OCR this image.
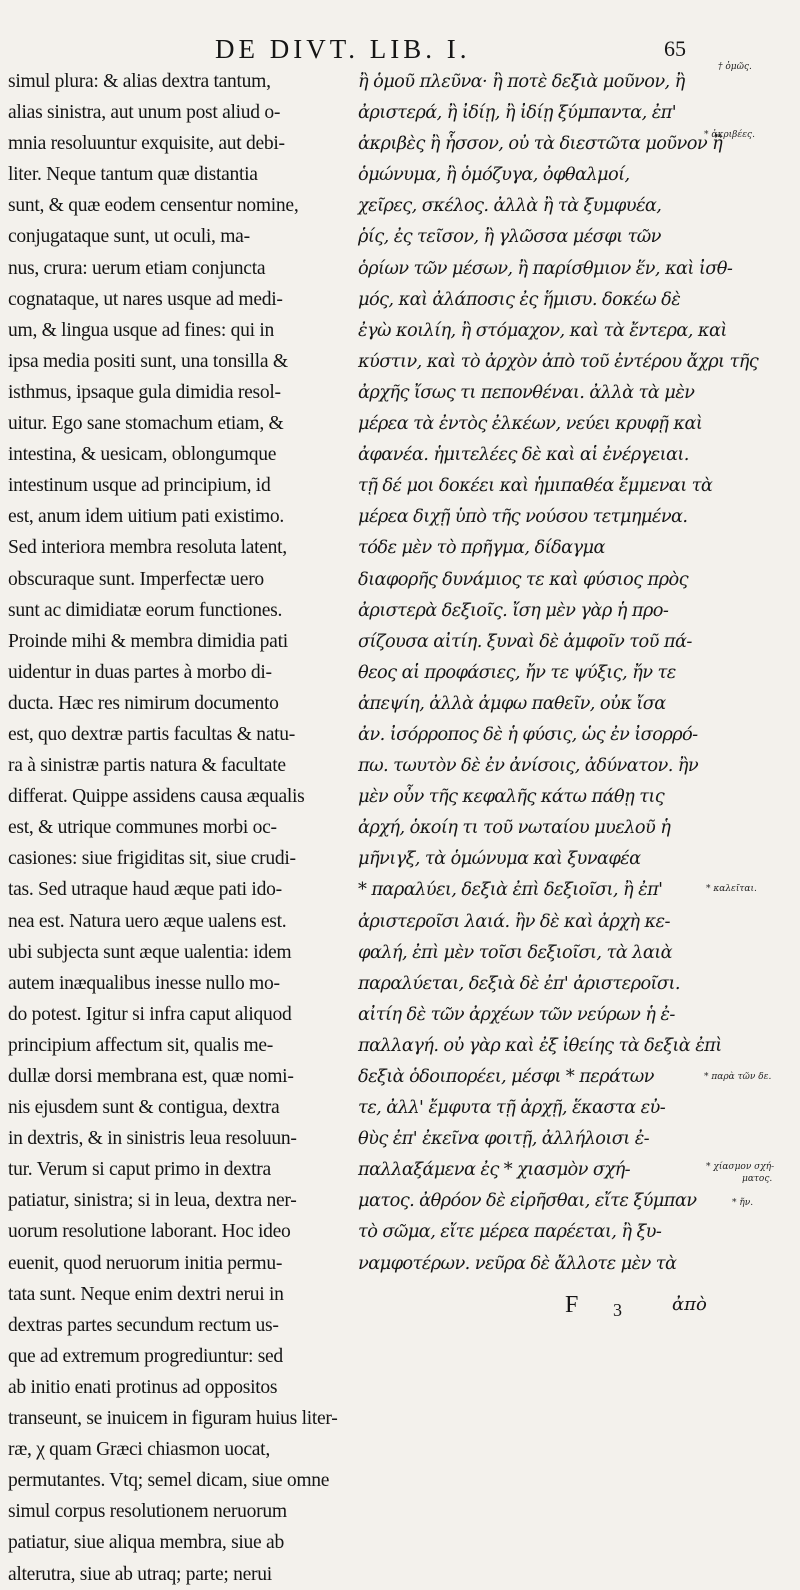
DE DIVT. LIB. I.	65
simul plura: & alias dextra tantum,
alias sinistra, aut unum post aliud o-
mnia resoluuntur exquisite, aut debi-
liter. Neque tantum quæ distantia
sunt, & quæ eodem censentur nomine,
conjugataque sunt, ut oculi, ma-
nus, crura: uerum etiam conjuncta
cognataque, ut nares usque ad medi-
um, & lingua usque ad fines: qui in
ipsa media positi sunt, una tonsilla &
isthmus, ipsaque gula dimidia resol-
uitur. Ego sane stomachum etiam, &
intestina, & uesicam, oblongumque
intestinum usque ad principium, id
est, anum idem uitium pati existimo.
Sed interiora membra resoluta latent,
obscuraque sunt. Imperfectæ uero
sunt ac dimidiatæ eorum functiones.
Proinde mihi & membra dimidia pati
uidentur in duas partes à morbo di-
ducta. Hæc res nimirum documento
est, quo dextræ partis facultas & natu-
ra à sinistræ partis natura & facultate
differat. Quippe assidens causa æqualis
est, & utrique communes morbi oc-
casiones: siue frigiditas sit, siue crudi-
tas. Sed utraque haud æque pati ido-
nea est. Natura uero æque ualens est.
ubi subjecta sunt æque ualentia: idem
autem inæqualibus inesse nullo mo-
do potest. Igitur si infra caput aliquod
principium affectum sit, qualis me-
dullæ dorsi membrana est, quæ nomi-
nis ejusdem sunt & contigua, dextra
in dextris, & in sinistris leua resoluun-
tur. Verum si caput primo in dextra
patiatur, sinistra; si in leua, dextra ner-
uorum resolutione laborant. Hoc ideo
euenit, quod neruorum initia permu-
tata sunt. Neque enim dextri nerui in
dextras partes secundum rectum us-
que ad extremum progrediuntur: sed
ab initio enati protinus ad oppositos
transeunt, se inuicem in figuram huius liter-
ræ, χ quam Græci chiasmon uocat,
permutantes. Vtq; semel dicam, siue omne
simul corpus resolutionem neruorum
patiatur, siue aliqua membra, siue ab
alterutra, siue ab utraq; parte; nerui
ἢ ὁμοῦ πλεῦνα· ἢ ποτὲ δεξιὰ μοῦνον, ἢ
ἀριστερά, ἢ ἰδίῃ, ἢ ἰδίῃ ξύμπαντα, ἐπ'
ἀκριβὲς ἢ ἧσσον, οὐ τὰ διεστῶτα μοῦνον ἢ
ὁμώνυμα, ἢ ὁμόζυγα, ὀφθαλμοί,
χεῖρες, σκέλος. ἀλλὰ ἢ τὰ ξυμφυέα,
ῥίς, ἐς τεῖσον, ἢ γλῶσσα μέσφι τῶν
ὁρίων τῶν μέσων, ἢ παρίσθμιον ἕν, καὶ ἰσθ-
μός, καὶ ἀλάποσις ἐς ἥμισυ. δοκέω δὲ
ἐγὼ κοιλίη, ἢ στόμαχον, καὶ τὰ ἔντερα, καὶ
κύστιν, καὶ τὸ ἀρχὸν ἀπὸ τοῦ ἐντέρου ἄχρι τῆς
ἀρχῆς ἴσως τι πεπονθέναι. ἀλλὰ τὰ μὲν
μέρεα τὰ ἐντὸς ἐλκέων, νεύει κρυφῇ καὶ
ἀφανέα. ἡμιτελέες δὲ καὶ αἱ ἐνέργειαι.
τῇ δέ μοι δοκέει καὶ ἡμιπαθέα ἔμμεναι τὰ
μέρεα διχῇ ὑπὸ τῆς νούσου τετμημένα.
τόδε μὲν τὸ πρῆγμα, δίδαγμα
διαφορῆς δυνάμιος τε καὶ φύσιος πρὸς
ἀριστερὰ δεξιοῖς. ἴση μὲν γὰρ ἡ προ-
σίζουσα αἰτίη. ξυναὶ δὲ ἀμφοῖν τοῦ πά-
θεος αἱ προφάσιες, ἤν τε ψύξις, ἤν τε
ἀπεψίη, ἀλλὰ ἀμφω παθεῖν, οὐκ ἴσα
ἀν. ἰσόρροπος δὲ ἡ φύσις, ὡς ἐν ἰσορρό-
πω. τωυτὸν δὲ ἐν ἀνίσοις, ἀδύνατον. ἢν
μὲν οὖν τῆς κεφαλῆς κάτω πάθῃ τις
ἀρχή, ὁκοίη τι τοῦ νωταίου μυελοῦ ἡ
μῆνιγξ, τὰ ὁμώνυμα καὶ ξυναφέα
* παραλύει, δεξιὰ ἐπὶ δεξιοῖσι, ἢ ἐπ'
ἀριστεροῖσι λαιά. ἢν δὲ καὶ ἀρχὴ κε-
φαλή, ἐπὶ μὲν τοῖσι δεξιοῖσι, τὰ λαιὰ
παραλύεται, δεξιὰ δὲ ἐπ' ἀριστεροῖσι.
αἰτίη δὲ τῶν ἀρχέων τῶν νεύρων ἡ ἐ-
παλλαγή. οὐ γὰρ καὶ ἐξ ἰθείης τὰ δεξιὰ ἐπὶ
δεξιὰ ὁδοιπορέει, μέσφι * περάτων
τε, ἀλλ' ἔμφυτα τῇ ἀρχῇ, ἕκαστα εὐ-
θὺς ἐπ' ἐκεῖνα φοιτῇ, ἀλλήλοισι ἐ-
παλλαξάμενα ἐς * χιασμὸν σχή-
ματος. ἀθρόον δὲ εἰρῆσθαι, εἴτε ξύμπαν
τὸ σῶμα, εἴτε μέρεα παρέεται, ἢ ξυ-
ναμφοτέρων. νεῦρα δὲ ἄλλοτε μὲν τὰ
† ὁμῶς.
* ἀκριβέες.
* καλεῖται.
* παρὰ τῶν δε.
* χίασμον σχή-
ματος.
* ἤν.
F 3	ἀπὸ
